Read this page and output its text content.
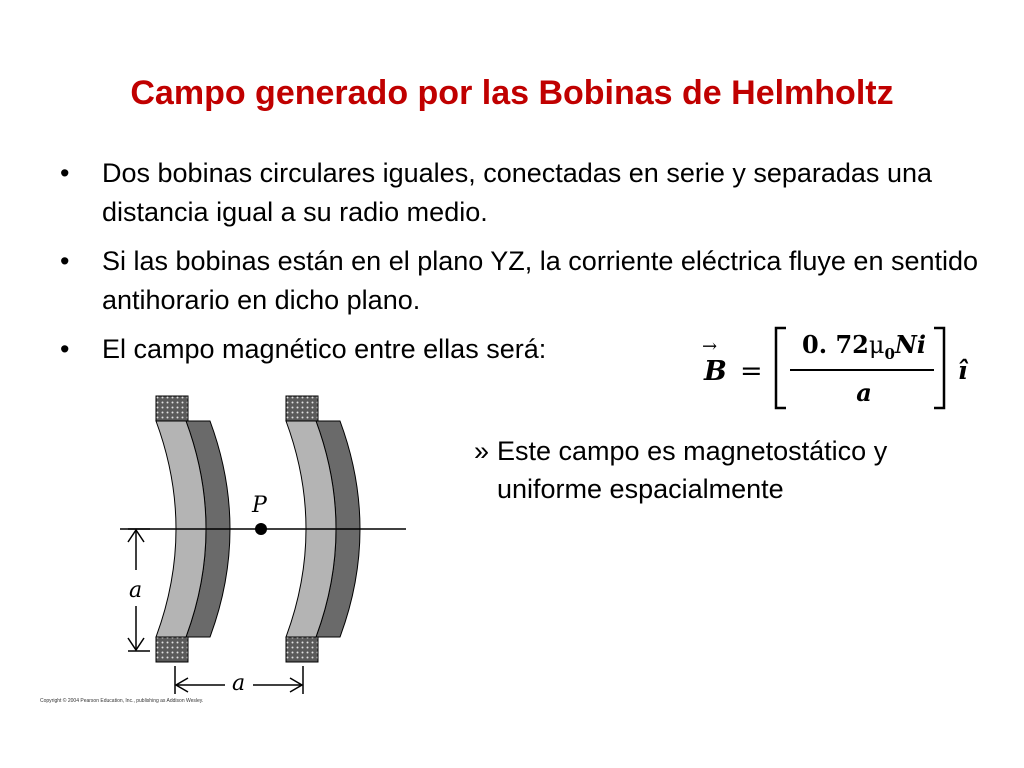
Campo generado por las Bobinas de Helmholtz
• Dos bobinas circulares iguales, conectadas en serie y separadas una distancia igual a su radio medio.
• Si las bobinas están en el plano YZ, la corriente eléctrica fluye en sentido antihorario en dicho plano.
• El campo magnético entre ellas será:	→
B =
0. $72\mu_0Ni$
a
î
» Este campo es magnetostático y uniforme espacialmente
P
a
a
Copyright © 2004 Pearson Education, Inc., publishing as Addison Wesley.
